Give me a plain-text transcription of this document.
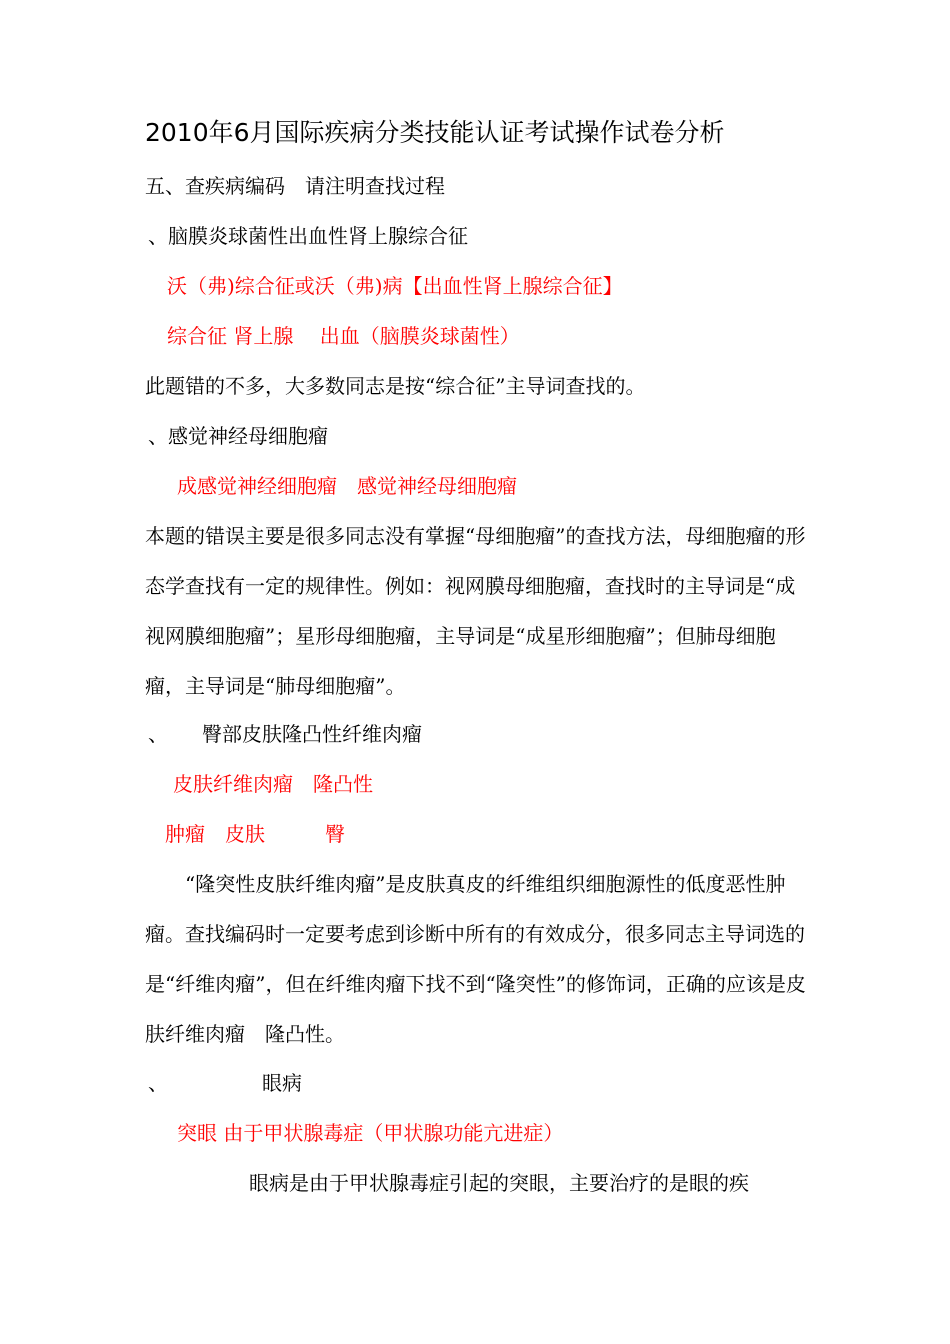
2010年6月国际疾病分类技能认证考试操作试卷分析
五、查疾病编码　请注明查找过程
、脑膜炎球菌性出血性肾上腺综合征
沃（弗)综合征或沃（弗)病【出血性肾上腺综合征】
综合征 肾上腺　 出血（脑膜炎球菌性）
此题错的不多，大多数同志是按“综合征”主导词查找的。
、感觉神经母细胞瘤
成感觉神经细胞瘤　感觉神经母细胞瘤
本题的错误主要是很多同志没有掌握“母细胞瘤”的查找方法，母细胞瘤的形态学查找有一定的规律性。例如：视网膜母细胞瘤，查找时的主导词是“成视网膜细胞瘤”；星形母细胞瘤，主导词是“成星形细胞瘤”；但肺母细胞瘤，主导词是“肺母细胞瘤”。
、 臀部皮肤隆凸性纤维肉瘤
皮肤纤维肉瘤　隆凸性
肿瘤　皮肤　　　臀
“隆突性皮肤纤维肉瘤”是皮肤真皮的纤维组织细胞源性的低度恶性肿瘤。查找编码时一定要考虑到诊断中所有的有效成分，很多同志主导词选的是“纤维肉瘤”，但在纤维肉瘤下找不到“隆突性”的修饰词，正确的应该是皮肤纤维肉瘤　隆凸性。
、	眼病
突眼 由于甲状腺毒症（甲状腺功能亢进症）
眼病是由于甲状腺毒症引起的突眼，主要治疗的是眼的疾
